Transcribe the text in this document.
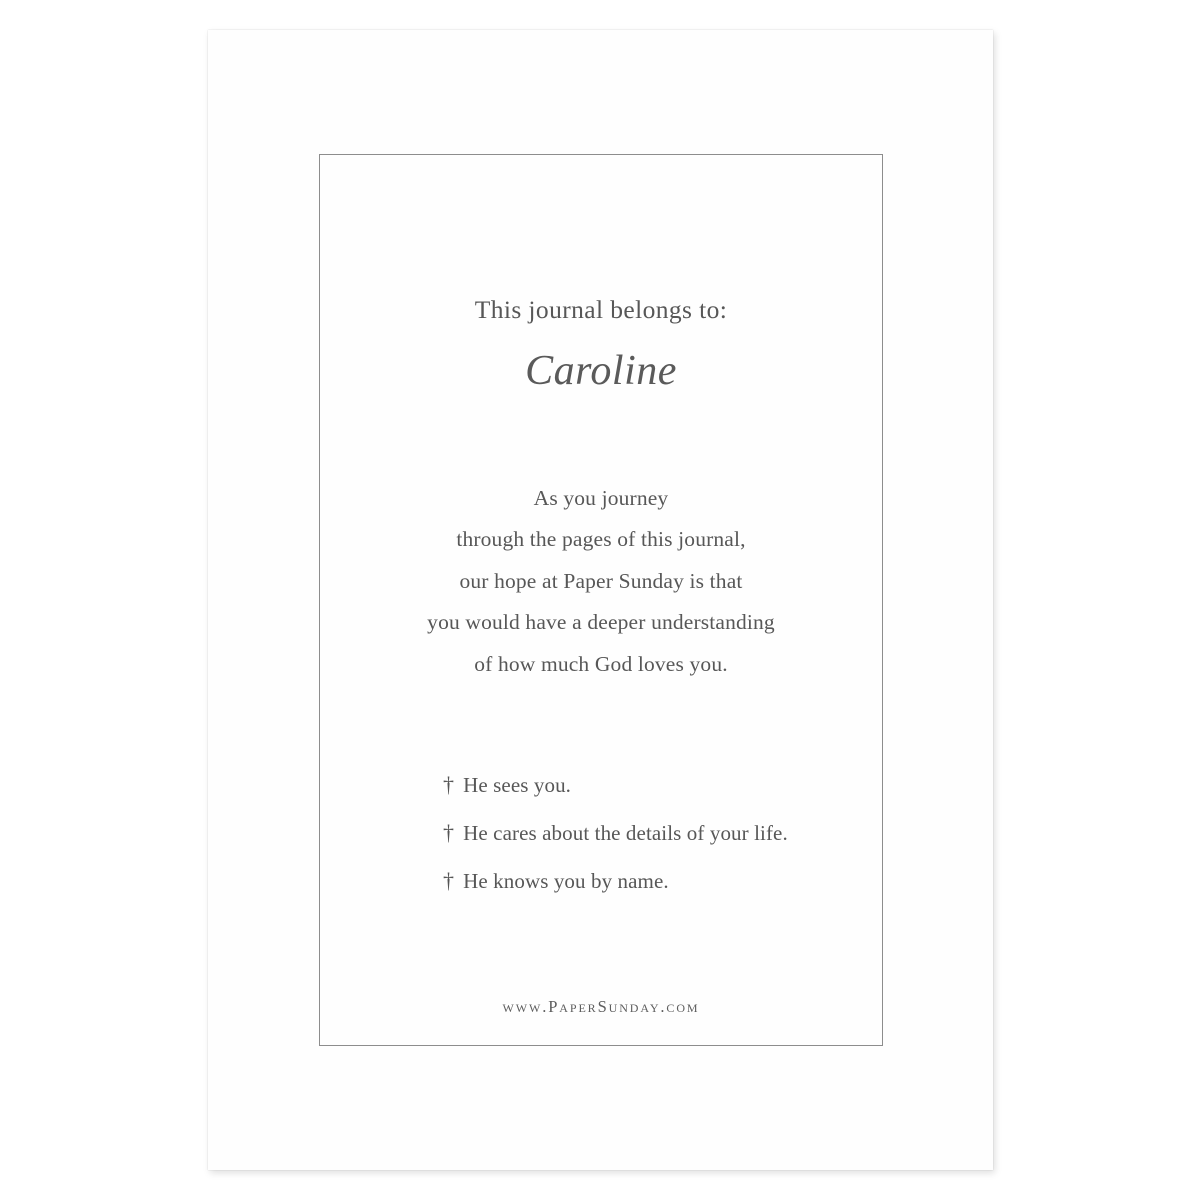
This journal belongs to:
Caroline
As you journey
through the pages of this journal,
our hope at Paper Sunday is that
you would have a deeper understanding
of how much God loves you.
† He sees you.
† He cares about the details of your life.
† He knows you by name.
www.PaperSunday.com
